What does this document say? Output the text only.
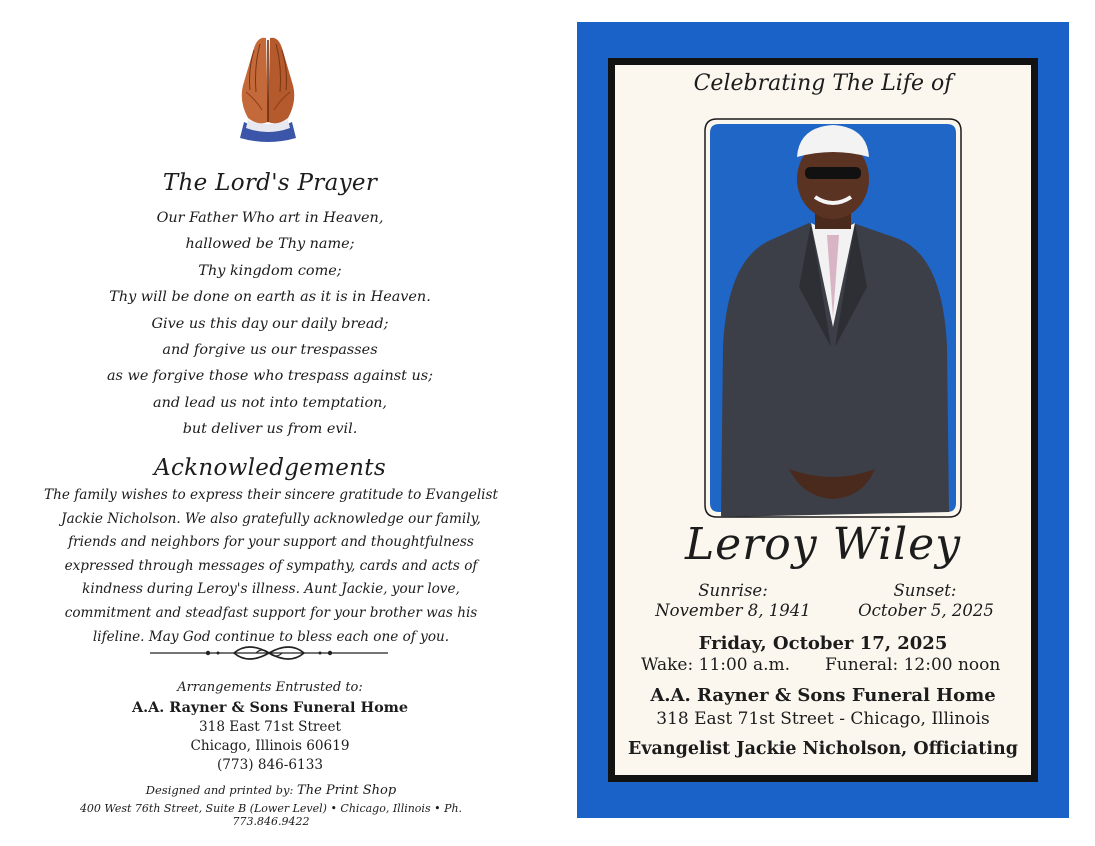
The Lord's Prayer
Our Father Who art in Heaven,
hallowed be Thy name;
Thy kingdom come;
Thy will be done on earth as it is in Heaven.
Give us this day our daily bread;
and forgive us our trespasses
as we forgive those who trespass against us;
and lead us not into temptation,
but deliver us from evil.
Acknowledgements
The family wishes to express their sincere gratitude to Evangelist Jackie Nicholson. We also gratefully acknowledge our family, friends and neighbors for your support and thoughtfulness expressed through messages of sympathy, cards and acts of kindness during Leroy's illness. Aunt Jackie, your love, commitment and steadfast support for your brother was his lifeline. May God continue to bless each one of you.
Arrangements Entrusted to:
A.A. Rayner & Sons Funeral Home
318 East 71st Street
Chicago, Illinois 60619
(773) 846-6133
Designed and printed by: The Print Shop
400 West 76th Street, Suite B (Lower Level) • Chicago, Illinois • Ph. 773.846.9422
Celebrating The Life of
Leroy Wiley
Sunrise:
November 8, 1941
Sunset:
October 5, 2025
Friday, October 17, 2025
Wake: 11:00 a.m.	Funeral: 12:00 noon
A.A. Rayner & Sons Funeral Home
318 East 71st Street - Chicago, Illinois
Evangelist Jackie Nicholson, Officiating
